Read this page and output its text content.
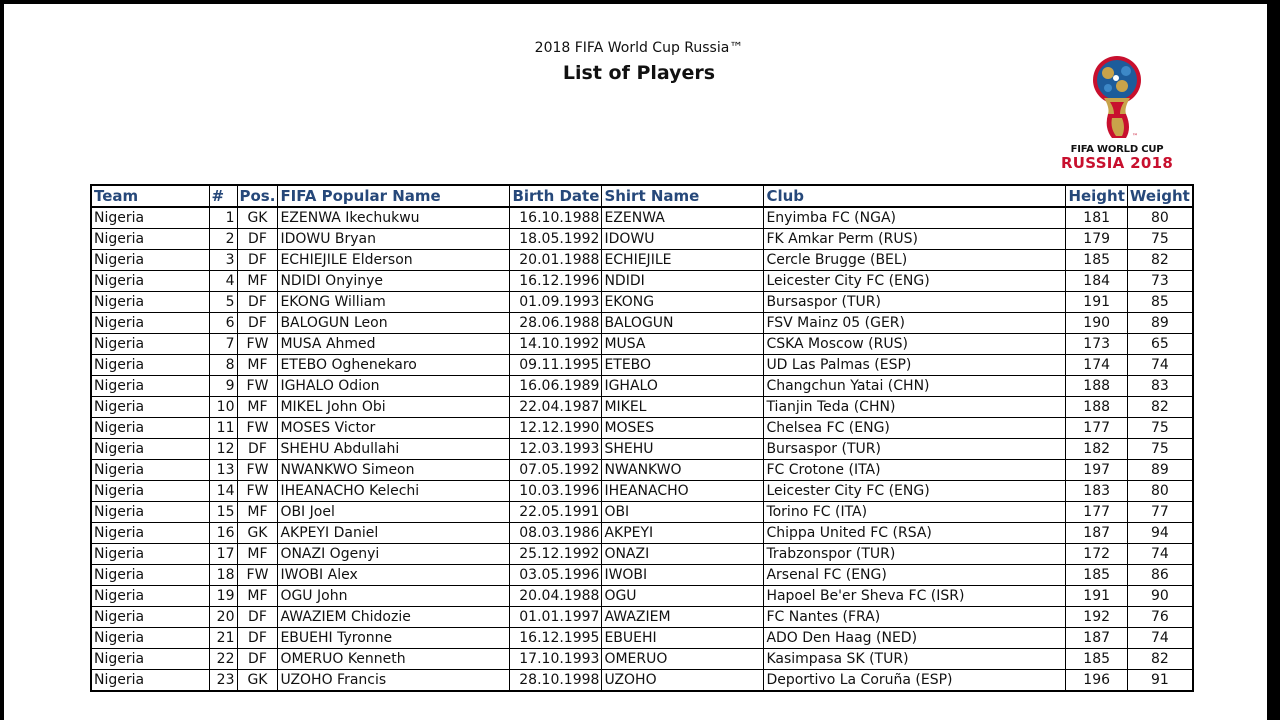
2018 FIFA World Cup Russia™
List of Players
™
FIFA WORLD CUP
RUSSIA 2018
Team	#	Pos.	FIFA Popular Name	Birth Date	Shirt Name	Club	Height	Weight
Nigeria	1	GK	EZENWA Ikechukwu	16.10.1988	EZENWA	Enyimba FC (NGA)	181	80
Nigeria	2	DF	IDOWU Bryan	18.05.1992	IDOWU	FK Amkar Perm (RUS)	179	75
Nigeria	3	DF	ECHIEJILE Elderson	20.01.1988	ECHIEJILE	Cercle Brugge (BEL)	185	82
Nigeria	4	MF	NDIDI Onyinye	16.12.1996	NDIDI	Leicester City FC (ENG)	184	73
Nigeria	5	DF	EKONG William	01.09.1993	EKONG	Bursaspor (TUR)	191	85
Nigeria	6	DF	BALOGUN Leon	28.06.1988	BALOGUN	FSV Mainz 05 (GER)	190	89
Nigeria	7	FW	MUSA Ahmed	14.10.1992	MUSA	CSKA Moscow (RUS)	173	65
Nigeria	8	MF	ETEBO Oghenekaro	09.11.1995	ETEBO	UD Las Palmas (ESP)	174	74
Nigeria	9	FW	IGHALO Odion	16.06.1989	IGHALO	Changchun Yatai (CHN)	188	83
Nigeria	10	MF	MIKEL John Obi	22.04.1987	MIKEL	Tianjin Teda (CHN)	188	82
Nigeria	11	FW	MOSES Victor	12.12.1990	MOSES	Chelsea FC (ENG)	177	75
Nigeria	12	DF	SHEHU Abdullahi	12.03.1993	SHEHU	Bursaspor (TUR)	182	75
Nigeria	13	FW	NWANKWO Simeon	07.05.1992	NWANKWO	FC Crotone (ITA)	197	89
Nigeria	14	FW	IHEANACHO Kelechi	10.03.1996	IHEANACHO	Leicester City FC (ENG)	183	80
Nigeria	15	MF	OBI Joel	22.05.1991	OBI	Torino FC (ITA)	177	77
Nigeria	16	GK	AKPEYI Daniel	08.03.1986	AKPEYI	Chippa United FC (RSA)	187	94
Nigeria	17	MF	ONAZI Ogenyi	25.12.1992	ONAZI	Trabzonspor (TUR)	172	74
Nigeria	18	FW	IWOBI Alex	03.05.1996	IWOBI	Arsenal FC (ENG)	185	86
Nigeria	19	MF	OGU John	20.04.1988	OGU	Hapoel Be'er Sheva FC (ISR)	191	90
Nigeria	20	DF	AWAZIEM Chidozie	01.01.1997	AWAZIEM	FC Nantes (FRA)	192	76
Nigeria	21	DF	EBUEHI Tyronne	16.12.1995	EBUEHI	ADO Den Haag (NED)	187	74
Nigeria	22	DF	OMERUO Kenneth	17.10.1993	OMERUO	Kasimpasa SK (TUR)	185	82
Nigeria	23	GK	UZOHO Francis	28.10.1998	UZOHO	Deportivo La Coruña (ESP)	196	91
